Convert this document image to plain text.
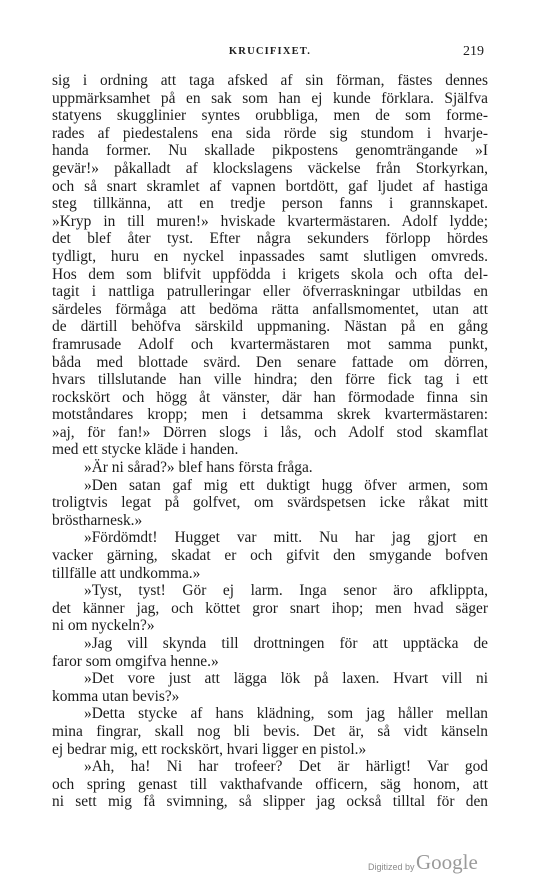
KRUCIFIXET.	219
sig i ordning att taga afsked af sin förman, fästes dennes
uppmärksamhet på en sak som han ej kunde förklara. Själfva
statyens skugglinier syntes orubbliga, men de som forme-
rades af piedestalens ena sida rörde sig stundom i hvarje-
handa former. Nu skallade pikpostens genomträngande »I
gevär!» påkalladt af klockslagens väckelse från Storkyrkan,
och så snart skramlet af vapnen bortdött, gaf ljudet af hastiga
steg tillkänna, att en tredje person fanns i grannskapet.
»Kryp in till muren!» hviskade kvartermästaren. Adolf lydde;
det blef åter tyst. Efter några sekunders förlopp hördes
tydligt, huru en nyckel inpassades samt slutligen omvreds.
Hos dem som blifvit uppfödda i krigets skola och ofta del-
tagit i nattliga patrulleringar eller öfverraskningar utbildas en
särdeles förmåga att bedöma rätta anfallsmomentet, utan att
de därtill behöfva särskild uppmaning. Nästan på en gång
framrusade Adolf och kvartermästaren mot samma punkt,
båda med blottade svärd. Den senare fattade om dörren,
hvars tillslutande han ville hindra; den förre fick tag i ett
rockskört och högg åt vänster, där han förmodade finna sin
motståndares kropp; men i detsamma skrek kvartermästaren:
»aj, för fan!» Dörren slogs i lås, och Adolf stod skamflat
med ett stycke kläde i handen.
»Är ni sårad?» blef hans första fråga.
»Den satan gaf mig ett duktigt hugg öfver armen, som
troligtvis legat på golfvet, om svärdspetsen icke råkat mitt
bröstharnesk.»
»Fördömdt! Hugget var mitt. Nu har jag gjort en
vacker gärning, skadat er och gifvit den smygande bofven
tillfälle att undkomma.»
»Tyst, tyst! Gör ej larm. Inga senor äro afklippta,
det känner jag, och köttet gror snart ihop; men hvad säger
ni om nyckeln?»
»Jag vill skynda till drottningen för att upptäcka de
faror som omgifva henne.»
»Det vore just att lägga lök på laxen. Hvart vill ni
komma utan bevis?»
»Detta stycke af hans klädning, som jag håller mellan
mina fingrar, skall nog bli bevis. Det är, så vidt känseln
ej bedrar mig, ett rockskört, hvari ligger en pistol.»
»Ah, ha! Ni har trofeer? Det är härligt! Var god
och spring genast till vakthafvande officern, säg honom, att
ni sett mig få svimning, så slipper jag också tilltal för den
Digitized by Google
